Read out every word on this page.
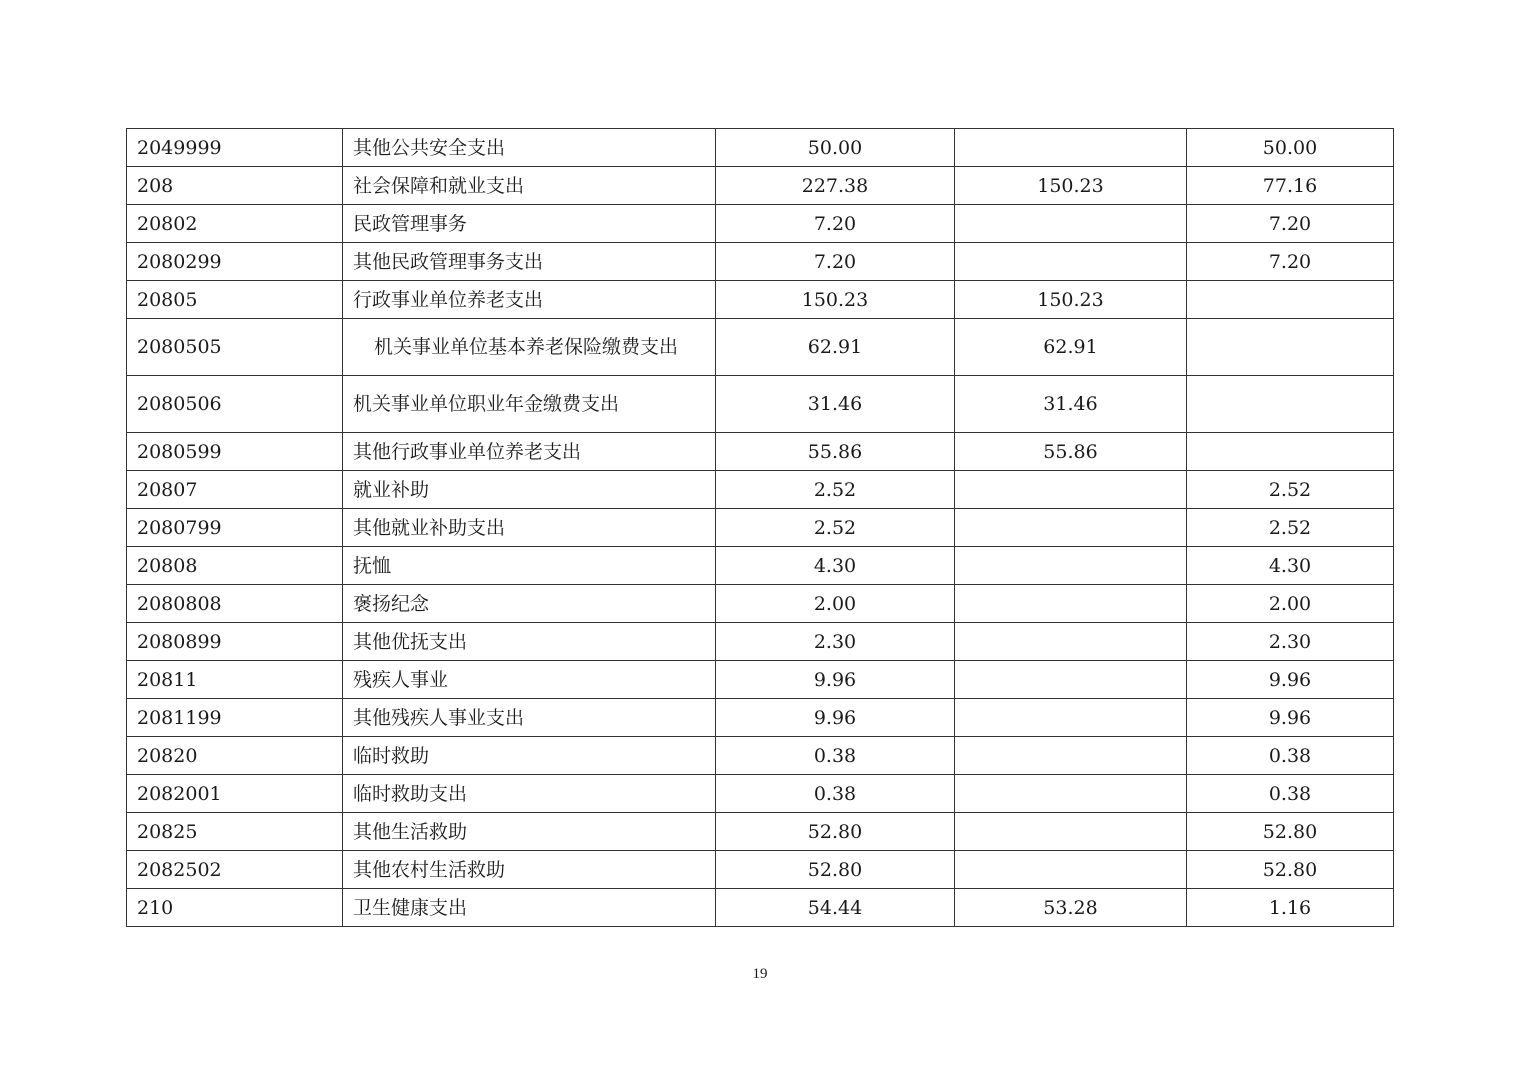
2049999	其他公共安全支出	50.00		50.00
208	社会保障和就业支出	227.38	150.23	77.16
20802	民政管理事务	7.20		7.20
2080299	其他民政管理事务支出	7.20		7.20
20805	行政事业单位养老支出	150.23	150.23	
2080505	机关事业单位基本养老保险缴费支出	62.91	62.91	
2080506	机关事业单位职业年金缴费支出	31.46	31.46	
2080599	其他行政事业单位养老支出	55.86	55.86	
20807	就业补助	2.52		2.52
2080799	其他就业补助支出	2.52		2.52
20808	抚恤	4.30		4.30
2080808	褒扬纪念	2.00		2.00
2080899	其他优抚支出	2.30		2.30
20811	残疾人事业	9.96		9.96
2081199	其他残疾人事业支出	9.96		9.96
20820	临时救助	0.38		0.38
2082001	临时救助支出	0.38		0.38
20825	其他生活救助	52.80		52.80
2082502	其他农村生活救助	52.80		52.80
210	卫生健康支出	54.44	53.28	1.16
19
